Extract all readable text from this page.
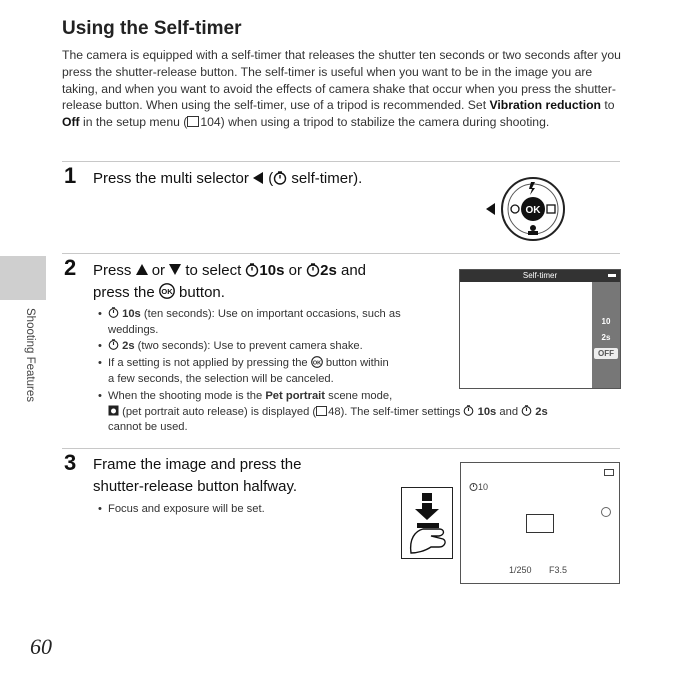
Using the Self-timer
The camera is equipped with a self-timer that releases the shutter ten seconds or two seconds after you press the shutter-release button. The self-timer is useful when you want to be in the image you are taking, and when you want to avoid the effects of camera shake that occur when you press the shutter-release button. When using the self-timer, use of a tripod is recommended. Set Vibration reduction to Off in the setup menu ( 104) when using a tripod to stabilize the camera during shooting.
1 Press the multi selector ( self-timer).
OK
2 Press or to select 10s or 2s and
press the OK button.
• 10s (ten seconds): Use on important occasions, such as
weddings.
• 2s (two seconds): Use to prevent camera shake.
• If a setting is not applied by pressing the OK button within
a few seconds, the selection will be canceled.
• When the shooting mode is the Pet portrait scene mode,
(pet portrait auto release) is displayed ( 48). The self-timer settings 10s and 2s
cannot be used.
Self-timer
10
2s
OFF
3 Frame the image and press the
shutter-release button halfway.
• Focus and exposure will be set.
10
1/250 F3.5
Shooting Features
60
